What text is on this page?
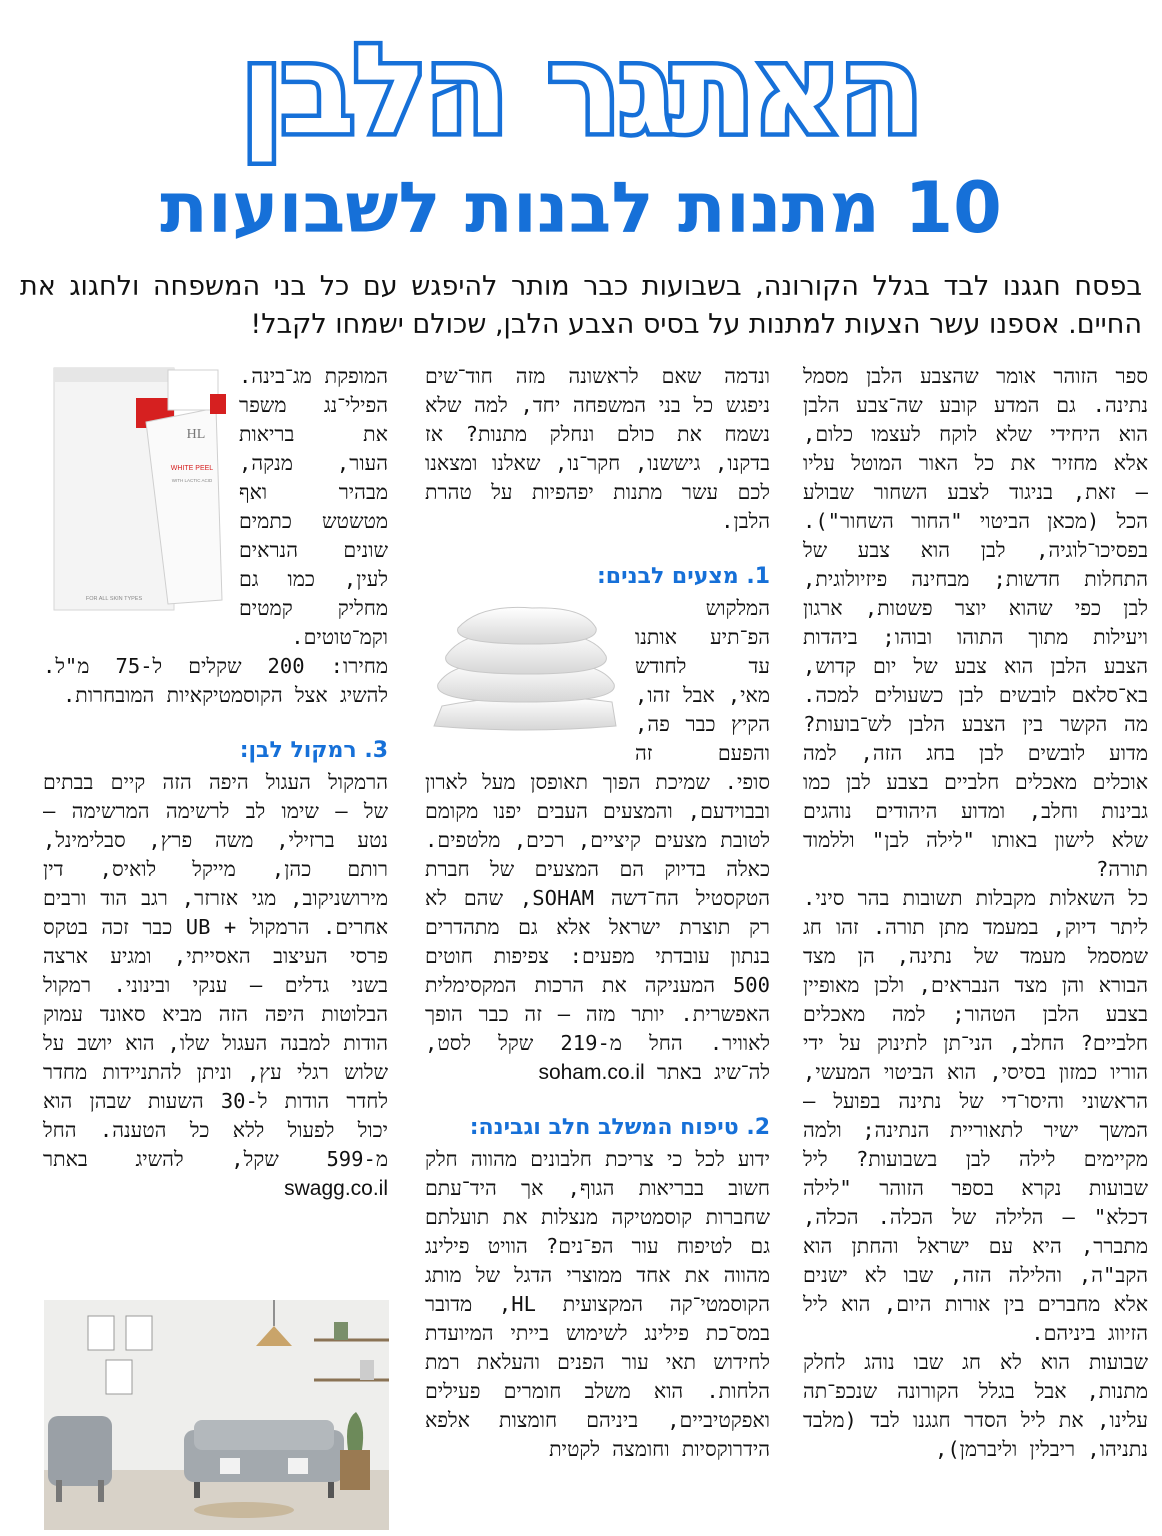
האתגר הלבן
10 מתנות לבנות לשבועות

בפסח חגגנו לבד בגלל הקורונה, בשבועות כבר מותר להיפגש עם כל בני המשפחה ולחגוג את החיים. אספנו עשר הצעות למתנות על בסיס הצבע הלבן, שכולם ישמחו לקבל!

ספר הזוהר אומר שהצבע הלבן מסמל נתינה. גם המדע קובע שה־צבע הלבן הוא היחידי שלא לוקח לעצמו כלום, אלא מחזיר את כל האור המוטל עליו – זאת, בניגוד לצבע השחור שבולע הכל (מכאן הביטוי "החור השחור"). בפסיכו־לוגיה, לבן הוא צבע של התחלות חדשות; מבחינה פיזיולוגית, לבן כפי שהוא יוצר פשטות, ארגון ויעילות מתוך התוהו ובוהו; ביהדות הצבע הלבן הוא צבע של יום קדוש, בא־סלאם לובשים לבן כשעולים למכה. מה הקשר בין הצבע הלבן לש־בועות? מדוע לובשים לבן בחג הזה, למה אוכלים מאכלים חלביים בצבע לבן כמו גבינות וחלב, ומדוע היהודים נוהגים שלא לישון באותו "לילה לבן" וללמוד תורה?

כל השאלות מקבלות תשובות בהר סיני. ליתר דיוק, במעמד מתן תורה. זהו חג שמסמל מעמד של נתינה, הן מצד הבורא והן מצד הנבראים, ולכן מאופיין בצבע הלבן הטהור; למה מאכלים חלביים? החלב, הני־תן לתינוק על ידי הוריו כמזון בסיסי, הוא הביטוי המעשי, הראשוני והיסו־די של נתינה בפועל – המשך ישיר לתאוריית הנתינה; ולמה מקיימים לילה לבן בשבועות? ליל שבועות נקרא בספר הזוהר "לילה דכלא" – הלילה של הכלה. הכלה, מתברר, היא עם ישראל והחתן הוא הקב"ה, והלילה הזה, שבו לא ישנים אלא מחברים בין אורות היום, הוא ליל הזיווג ביניהם.

שבועות הוא לא חג שבו נוהג לחלק מתנות, אבל בגלל הקורונה שנכפ־תה עלינו, את ליל הסדר חגגנו לבד (מלבד נתניהו, ריבלין וליברמן),

ונדמה שאם לראשונה מזה חוד־שים ניפגש כל בני המשפחה יחד, למה שלא נשמח את כולם ונחלק מתנות? אז בדקנו, גיששנו, חקר־נו, שאלנו ומצאנו לכם עשר מתנות יפהפיות על טהרת הלבן.

1. מצעים לבנים:

המלקוש הפ־תיע אותנו עד לחודש מאי, אבל זהו, הקיץ כבר פה, והפעם זה סופי. שמיכת הפוך תאופסן מעל לארון ובבוידעם, והמצעים העבים יפנו מקומם לטובת מצעים קיציים, רכים, מלטפים. כאלה בדיוק הם המצעים של חברת הטקסטיל הח־דשה SOHAM, שהם לא רק תוצרת ישראל אלא גם מתהדרים בנתון עובדתי מפעים: צפיפות חוטים 500 המעניקה את הרכות המקסימלית האפשרית. יותר מזה – זה כבר הופך לאוויר. החל מ-219 שקל לסט, לה־שיג באתר soham.co.il

2. טיפוח המשלב חלב וגבינה:

ידוע לכל כי צריכת חלבונים מהווה חלק חשוב בבריאות הגוף, אך היד־עתם שחברות קוסמטיקה מנצלות את תועלתם גם לטיפוח עור הפ־נים? הוויט פילינג מהווה את אחד ממוצרי הדגל של מותג הקוסמטי־קה המקצועית HL, מדובר במס־כת פילינג לשימוש בייתי המיועדת לחידוש תאי עור הפנים והעלאת רמת הלחות. הוא משלב חומרים פעילים ואפקטיביים, ביניהם חומצות אלפא הידרוקסיות וחומצה לקטית

המופקת מג־בינה. הפילי־נג משפר את בריאות העור, מנקה, מבהיר ואף מטשטש כתמים שונים הנראים לעין, כמו גם מחליק קמטים וקמ־טוטים. מחירו: 200 שקלים ל-75 מ"ל. להשיג אצל הקוסמטיקאיות המובחרות.

3. רמקול לבן:

הרמקול העגול היפה הזה קיים בבתים של – שימו לב לרשימה המרשימה – נטע ברזילי, משה פרץ, סבלימינל, רותם כהן, מייקל לואיס, דין מירושניקוב, מגי אזרזר, רגב הוד ורבים אחרים. הרמקול + UB כבר זכה בטקס פרסי העיצוב האסייתי, ומגיע ארצה בשני גדלים – ענקי ובינוני. רמקול הבלוטות היפה הזה מביא סאונד עמוק הודות למבנה העגול שלו, הוא יושב על שלוש רגלי עץ, וניתן להתניידות מחדר לחדר הודות ל-30 השעות שבהן הוא יכול לפעול ללא כל הטענה. החל מ-599 שקל, להשיג באתר swagg.co.il

HL
WHITE PEEL
WITH LACTIC ACID
FOR ALL SKIN TYPES
